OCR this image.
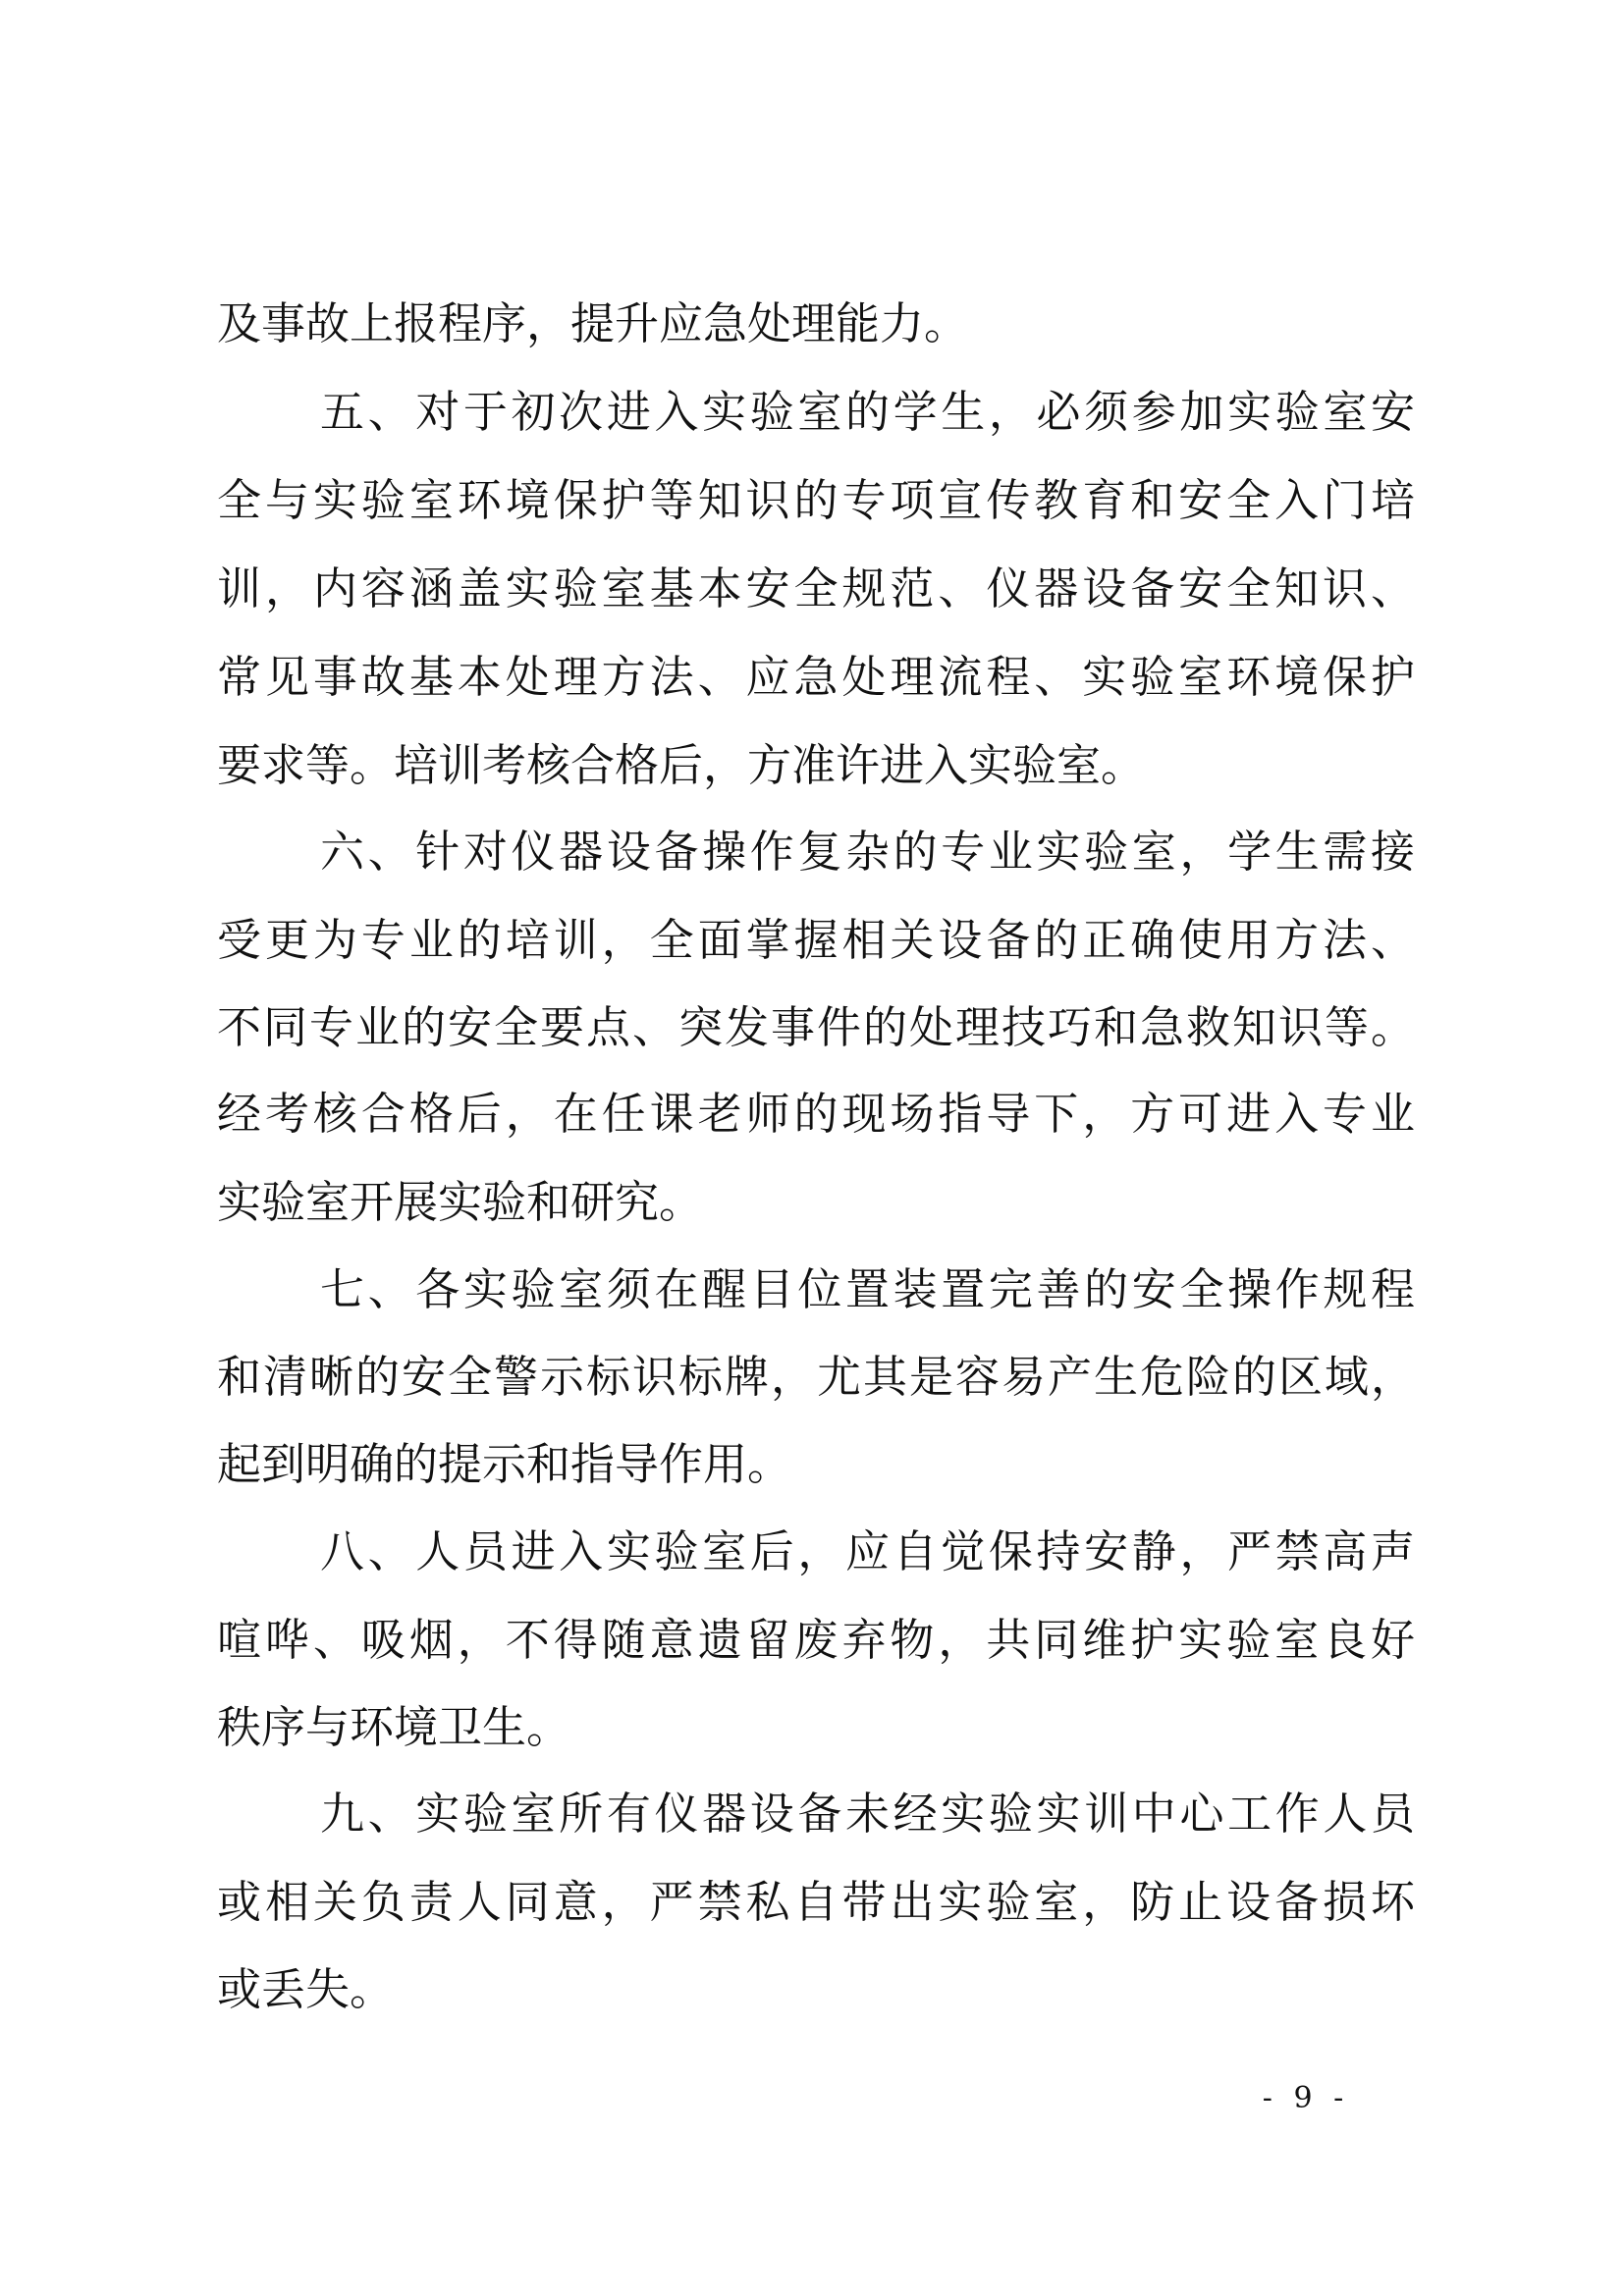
及事故上报程序，提升应急处理能力。
五、对于初次进入实验室的学生，必须参加实验室安
全与实验室环境保护等知识的专项宣传教育和安全入门培
训，内容涵盖实验室基本安全规范、仪器设备安全知识、
常见事故基本处理方法、应急处理流程、实验室环境保护
要求等。培训考核合格后，方准许进入实验室。
六、针对仪器设备操作复杂的专业实验室，学生需接
受更为专业的培训，全面掌握相关设备的正确使用方法、
不同专业的安全要点、突发事件的处理技巧和急救知识等。
经考核合格后，在任课老师的现场指导下，方可进入专业
实验室开展实验和研究。
七、各实验室须在醒目位置装置完善的安全操作规程
和清晰的安全警示标识标牌，尤其是容易产生危险的区域，
起到明确的提示和指导作用。
八、人员进入实验室后，应自觉保持安静，严禁高声
喧哗、吸烟，不得随意遗留废弃物，共同维护实验室良好
秩序与环境卫生。
九、实验室所有仪器设备未经实验实训中心工作人员
或相关负责人同意，严禁私自带出实验室，防止设备损坏
或丢失。
- 9 -
